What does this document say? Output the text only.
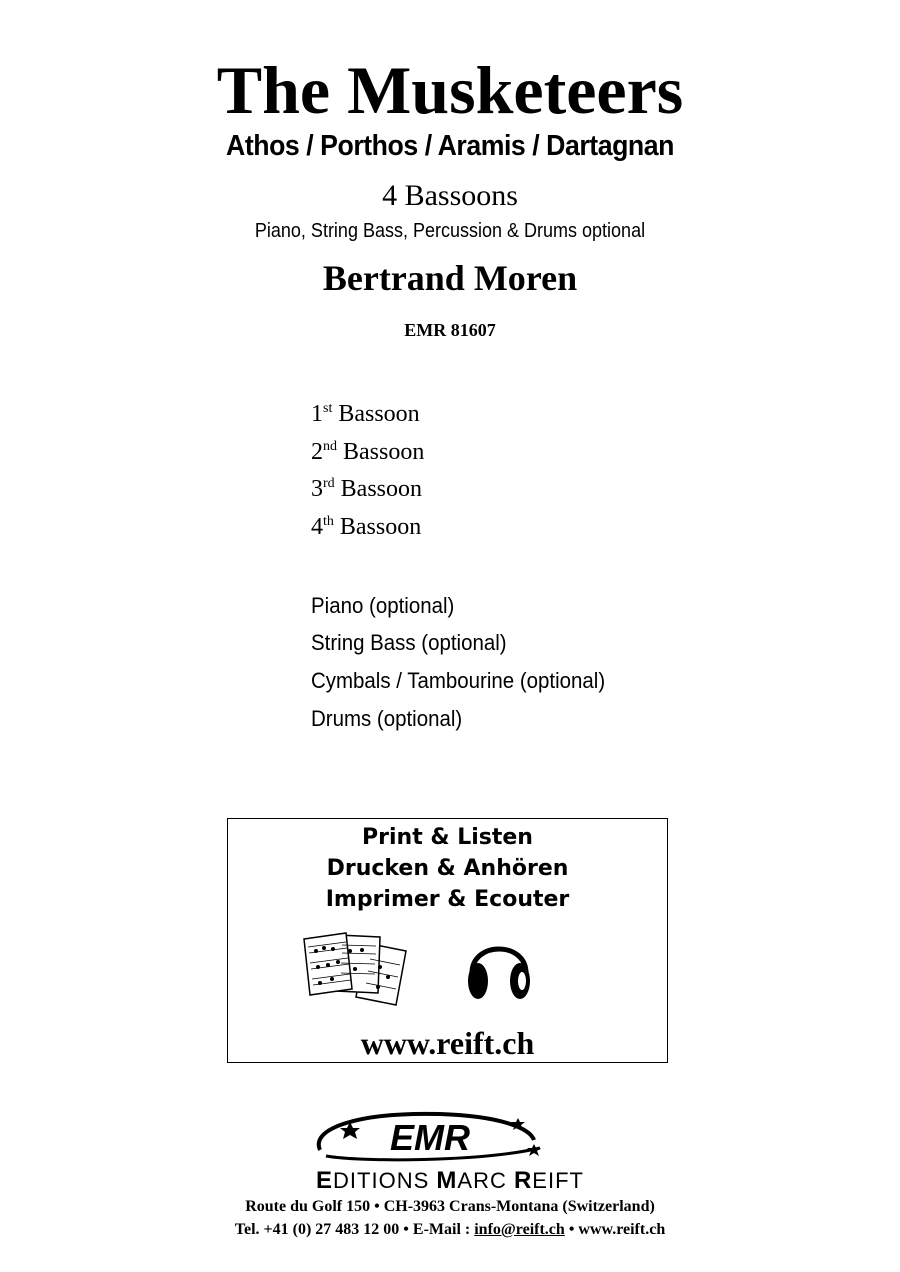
The Musketeers
Athos / Porthos / Aramis / Dartagnan
4 Bassoons
Piano, String Bass, Percussion & Drums optional
Bertrand Moren
EMR 81607
1st Bassoon
2nd Bassoon
3rd Bassoon
4th Bassoon
Piano (optional)
String Bass (optional)
Cymbals / Tambourine (optional)
Drums (optional)
Print & Listen
Drucken & Anhören
Imprimer & Ecouter
www.reift.ch
EMR
EDITIONS MARC REIFT
Route du Golf 150 • CH-3963 Crans-Montana (Switzerland)
Tel. +41 (0) 27 483 12 00 • E-Mail : info@reift.ch • www.reift.ch
